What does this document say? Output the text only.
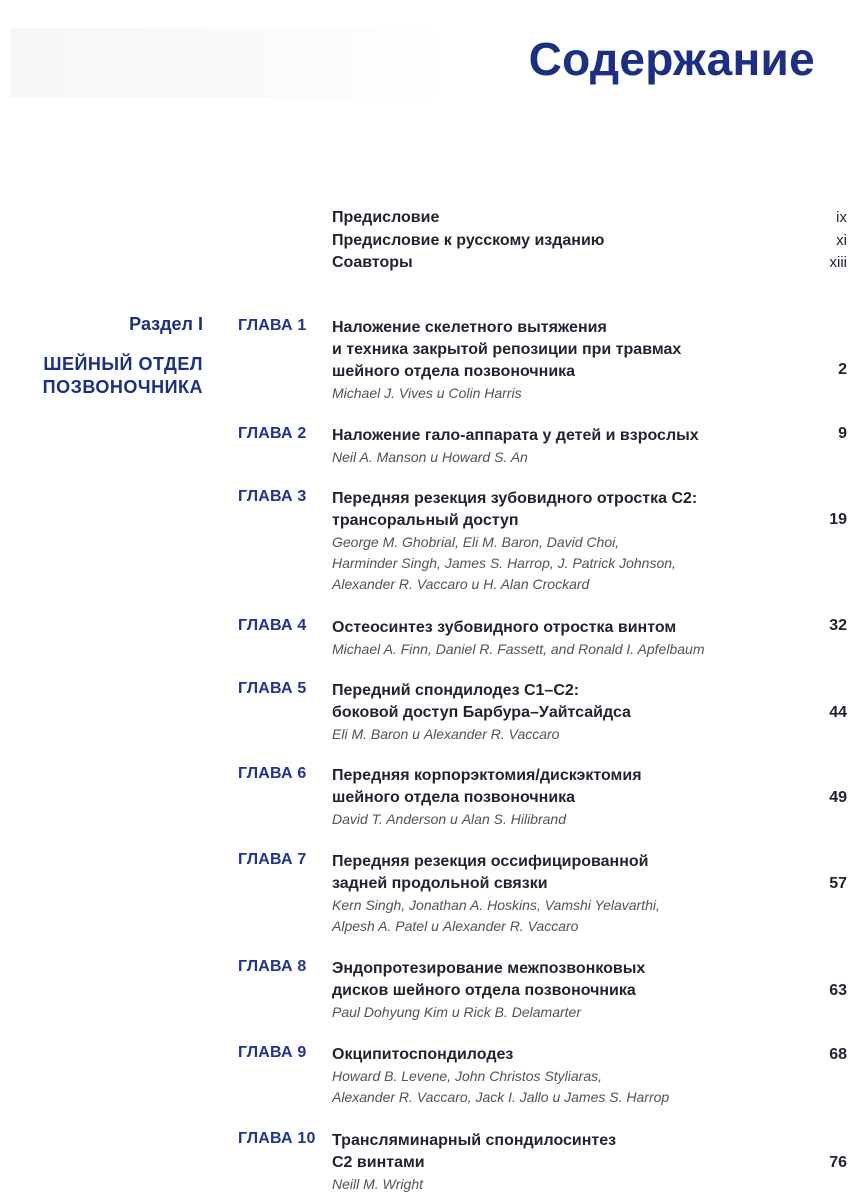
Содержание
Предисловие	ix
Предисловие к русскому изданию	xi
Соавторы	xiii
Раздел I
ШЕЙНЫЙ ОТДЕЛ
ПОЗВОНОЧНИКА
ГЛАВА 1 Наложение скелетного вытяжения
и техника закрытой репозиции при травмах
шейного отдела позвоночника
Michael J. Vives и Colin Harris
2
ГЛАВА 2 Наложение гало-аппарата у детей и взрослых
Neil A. Manson и Howard S. An
9
ГЛАВА 3 Передняя резекция зубовидного отростка С2:
трансоральный доступ
George M. Ghobrial, Eli M. Baron, David Choi,
Harminder Singh, James S. Harrop, J. Patrick Johnson,
Alexander R. Vaccaro и H. Alan Crockard
19
ГЛАВА 4 Остеосинтез зубовидного отростка винтом
Michael A. Finn, Daniel R. Fassett, and Ronald I. Apfelbaum
32
ГЛАВА 5 Передний спондилодез С1–С2:
боковой доступ Барбура–Уайтсайдса
Eli M. Baron и Alexander R. Vaccaro
44
ГЛАВА 6 Передняя корпорэктомия/дискэктомия
шейного отдела позвоночника
David T. Anderson и Alan S. Hilibrand
49
ГЛАВА 7 Передняя резекция оссифицированной
задней продольной связки
Kern Singh, Jonathan A. Hoskins, Vamshi Yelavarthi,
Alpesh A. Patel и Alexander R. Vaccaro
57
ГЛАВА 8 Эндопротезирование межпозвонковых
дисков шейного отдела позвоночника
Paul Dohyung Kim и Rick B. Delamarter
63
ГЛАВА 9 Окципитоспондилодез
Howard B. Levene, John Christos Styliaras,
Alexander R. Vaccaro, Jack I. Jallo и James S. Harrop
68
ГЛАВА 10 Трансляминарный спондилосинтез
С2 винтами
Neill M. Wright
76
